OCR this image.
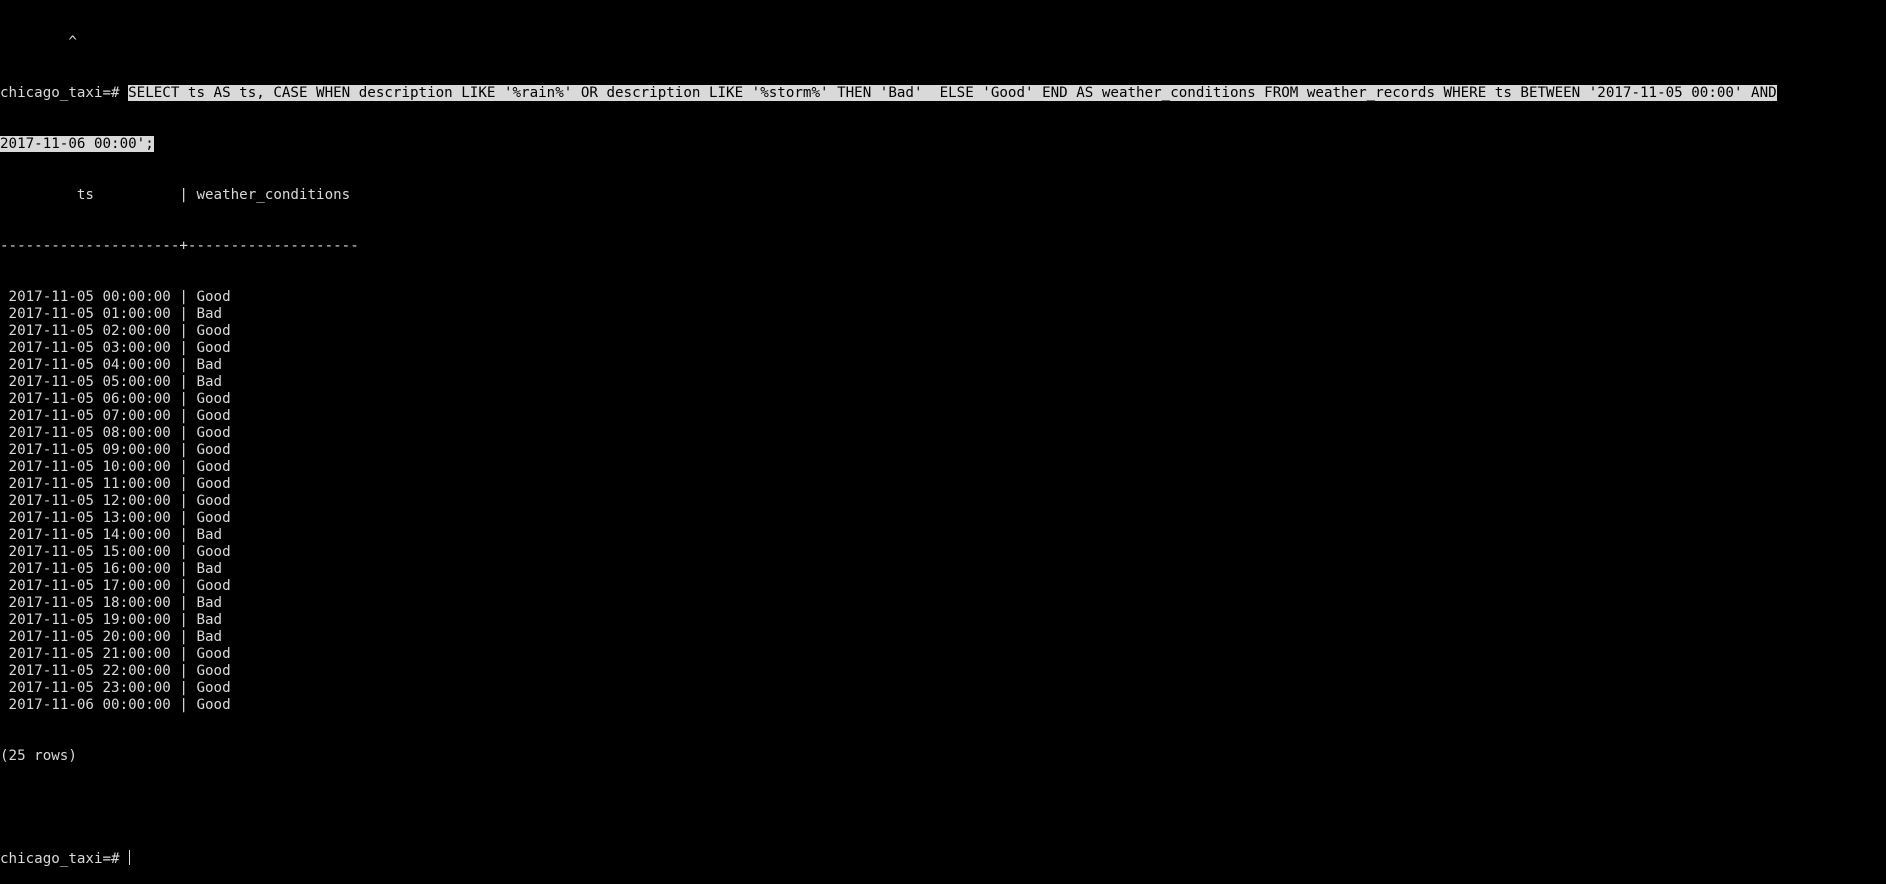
^

chicago_taxi=# SELECT ts AS ts, CASE WHEN description LIKE '%rain%' OR description LIKE '%storm%' THEN 'Bad'  ELSE 'Good' END AS weather_conditions FROM weather_records WHERE ts BETWEEN '2017-11-05 00:00' AND

2017-11-06 00:00';

ts          | weather_conditions

---------------------+--------------------

2017-11-05 00:00:00 | Good
2017-11-05 01:00:00 | Bad
2017-11-05 02:00:00 | Good
2017-11-05 03:00:00 | Good
2017-11-05 04:00:00 | Bad
2017-11-05 05:00:00 | Bad
2017-11-05 06:00:00 | Good
2017-11-05 07:00:00 | Good
2017-11-05 08:00:00 | Good
2017-11-05 09:00:00 | Good
2017-11-05 10:00:00 | Good
2017-11-05 11:00:00 | Good
2017-11-05 12:00:00 | Good
2017-11-05 13:00:00 | Good
2017-11-05 14:00:00 | Bad
2017-11-05 15:00:00 | Good
2017-11-05 16:00:00 | Bad
2017-11-05 17:00:00 | Good
2017-11-05 18:00:00 | Bad
2017-11-05 19:00:00 | Bad
2017-11-05 20:00:00 | Bad
2017-11-05 21:00:00 | Good
2017-11-05 22:00:00 | Good
2017-11-05 23:00:00 | Good
2017-11-06 00:00:00 | Good

(25 rows)

chicago_taxi=#
